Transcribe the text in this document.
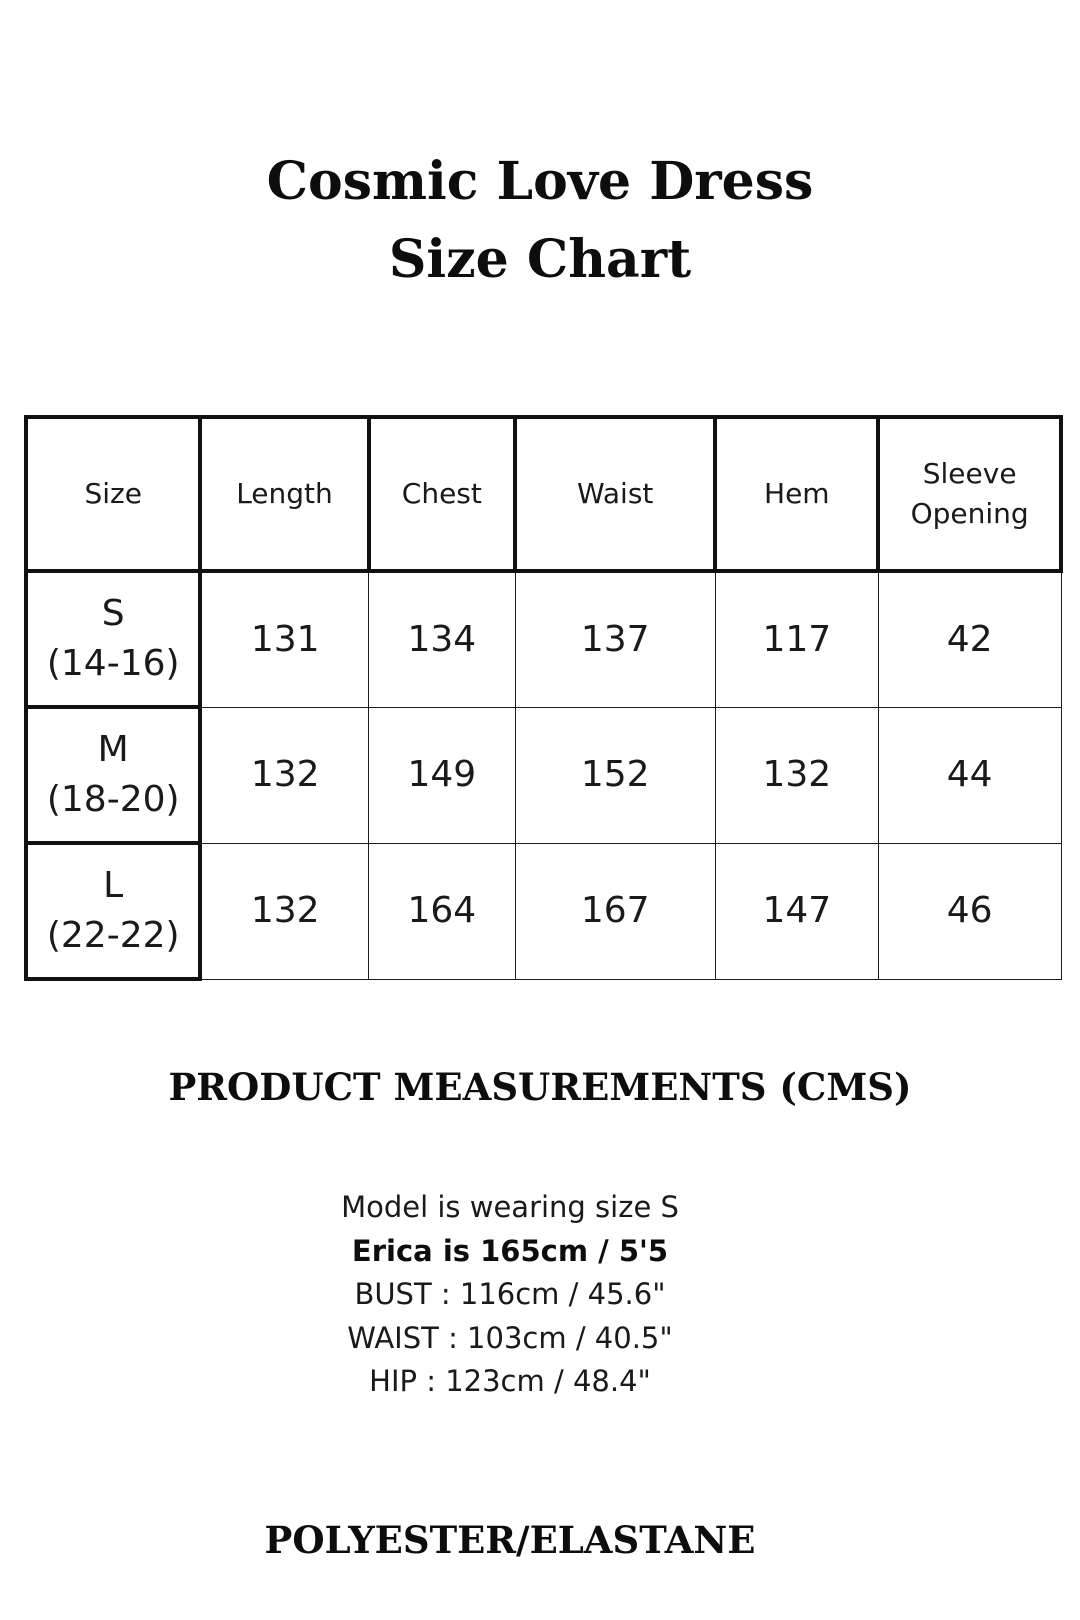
Cosmic Love Dress
Size Chart
Size	Length	Chest	Waist	Hem	Sleeve
Opening

S
(14-16)	131	134	137	117	42

M
(18-20)	132	149	152	132	44

L
(22-22)	132	164	167	147	46
PRODUCT MEASUREMENTS (CMS)
Model is wearing size S
Erica is 165cm / 5'5
BUST : 116cm / 45.6"
WAIST : 103cm / 40.5"
HIP : 123cm / 48.4"
POLYESTER/ELASTANE
